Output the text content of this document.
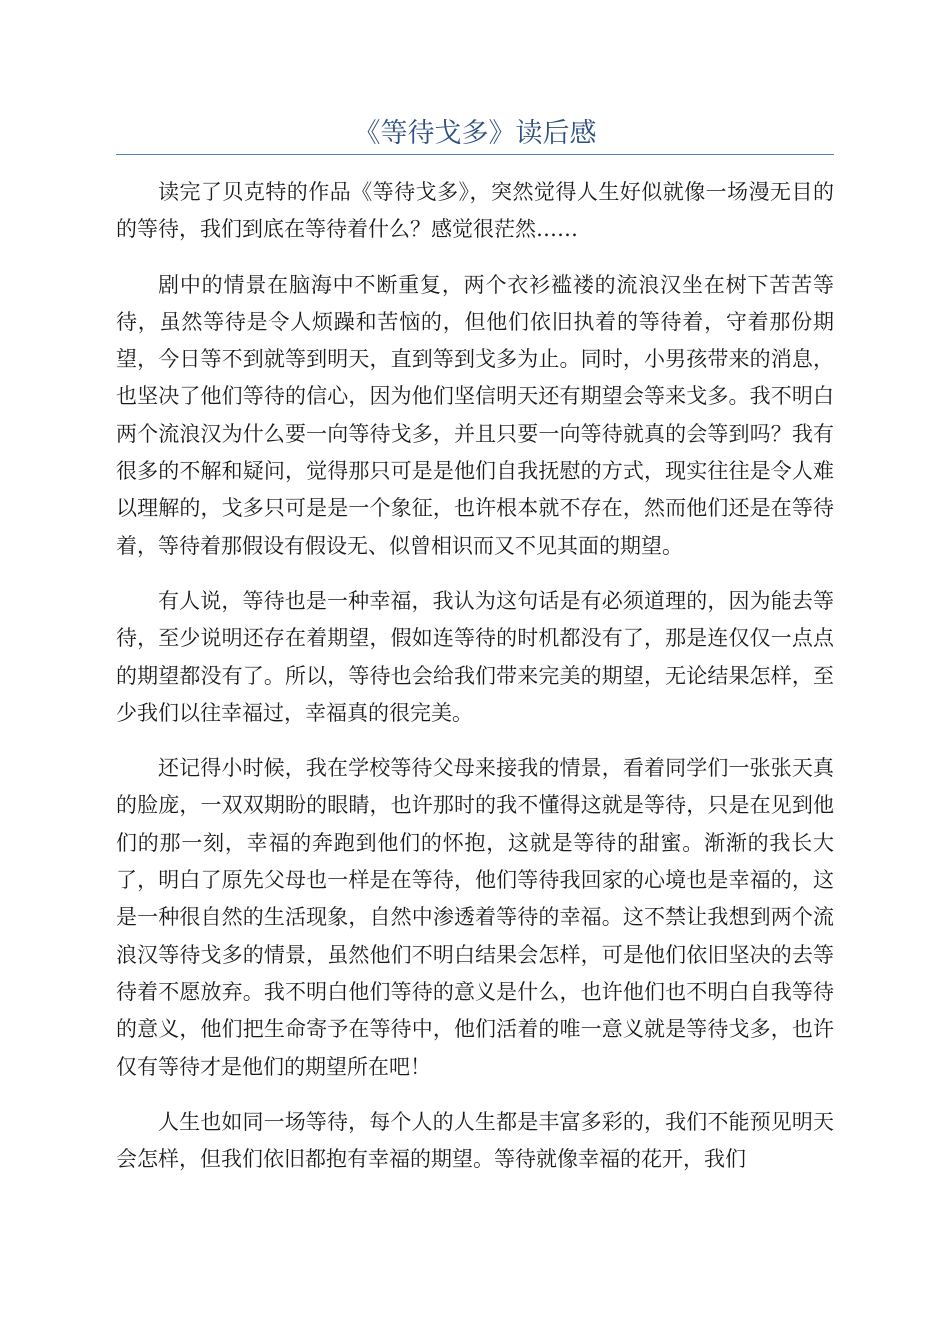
《等待戈多》读后感

读完了贝克特的作品《等待戈多》，突然觉得人生好似就像一场漫无目的的等待，我们到底在等待着什么？感觉很茫然……

剧中的情景在脑海中不断重复，两个衣衫褴褛的流浪汉坐在树下苦苦等待，虽然等待是令人烦躁和苦恼的，但他们依旧执着的等待着，守着那份期望，今日等不到就等到明天，直到等到戈多为止。同时，小男孩带来的消息，也坚决了他们等待的信心，因为他们坚信明天还有期望会等来戈多。我不明白两个流浪汉为什么要一向等待戈多，并且只要一向等待就真的会等到吗？我有很多的不解和疑问，觉得那只可是是他们自我抚慰的方式，现实往往是令人难以理解的，戈多只可是是一个象征，也许根本就不存在，然而他们还是在等待着，等待着那假设有假设无、似曾相识而又不见其面的期望。

有人说，等待也是一种幸福，我认为这句话是有必须道理的，因为能去等待，至少说明还存在着期望，假如连等待的时机都没有了，那是连仅仅一点点的期望都没有了。所以，等待也会给我们带来完美的期望，无论结果怎样，至少我们以往幸福过，幸福真的很完美。

还记得小时候，我在学校等待父母来接我的情景，看着同学们一张张天真的脸庞，一双双期盼的眼睛，也许那时的我不懂得这就是等待，只是在见到他们的那一刻，幸福的奔跑到他们的怀抱，这就是等待的甜蜜。渐渐的我长大了，明白了原先父母也一样是在等待，他们等待我回家的心境也是幸福的，这是一种很自然的生活现象，自然中渗透着等待的幸福。这不禁让我想到两个流浪汉等待戈多的情景，虽然他们不明白结果会怎样，可是他们依旧坚决的去等待着不愿放弃。我不明白他们等待的意义是什么，也许他们也不明白自我等待的意义，他们把生命寄予在等待中，他们活着的唯一意义就是等待戈多，也许仅有等待才是他们的期望所在吧！

人生也如同一场等待，每个人的人生都是丰富多彩的，我们不能预见明天会怎样，但我们依旧都抱有幸福的期望。等待就像幸福的花开，我们
